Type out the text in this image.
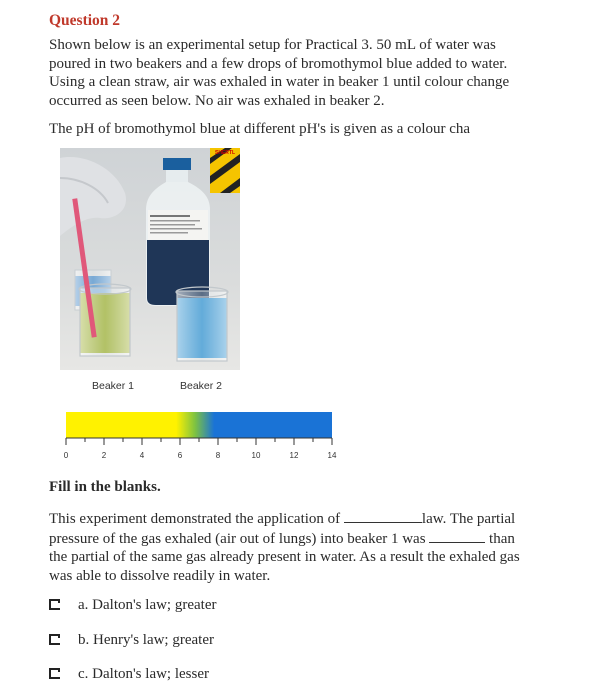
Question 2
Shown below is an experimental setup for Practical 3. 50 mL of water was
poured in two beakers and a few drops of bromothymol blue added to water.
Using a clean straw, air was exhaled in water in beaker 1 until colour change
occurred as seen below. No air was exhaled in beaker 2.
The pH of bromothymol blue at different pH's is given as a colour cha
SHERTL
Beaker 1	Beaker 2
0	2	4	6	8	10	12	14
Fill in the blanks.
This experiment demonstrated the application of	law. The partial
pressure of the gas exhaled (air out of lungs) into beaker 1 was	than
the partial of the same gas already present in water. As a result the exhaled gas
was able to dissolve readily in water.
a. Dalton's law; greater
b. Henry's law; greater
c. Dalton's law; lesser
